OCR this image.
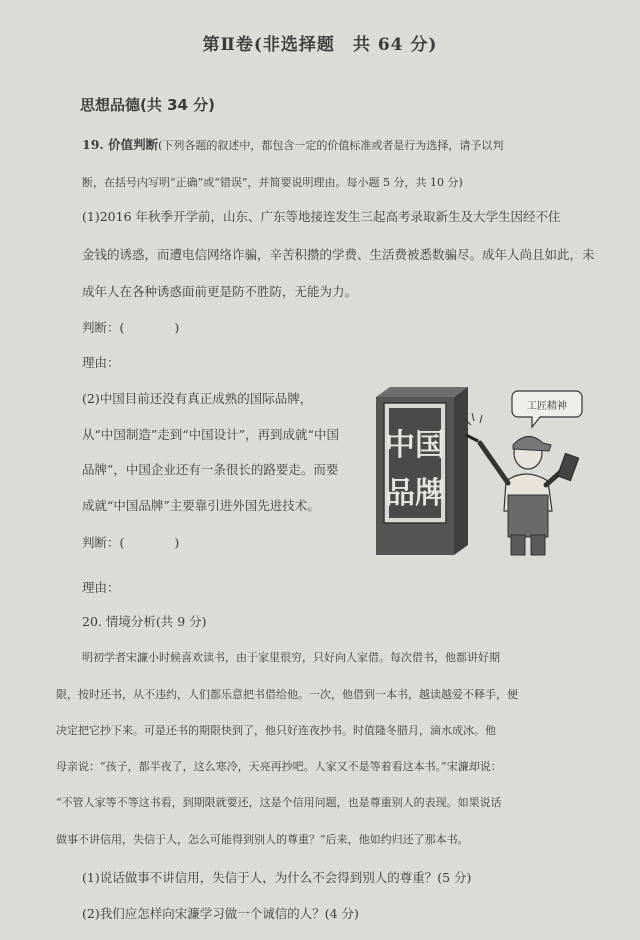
第Ⅱ卷(非选择题　共 64 分)
思想品德(共 34 分)
19. 价值判断(下列各题的叙述中，都包含一定的价值标准或者是行为选择，请予以判
断，在括号内写明“正确”或“错误”，并简要说明理由。每小题 5 分，共 10 分)
(1)2016 年秋季开学前，山东、广东等地接连发生三起高考录取新生及大学生因经不住
金钱的诱惑，而遭电信网络诈骗，辛苦积攒的学费、生活费被悉数骗尽。成年人尚且如此，未
成年人在各种诱惑面前更是防不胜防，无能为力。
判断：(　　　　)
理由：
(2)中国目前还没有真正成熟的国际品牌，
从“中国制造”走到“中国设计”，再到成就“中国
品牌”，中国企业还有一条很长的路要走。而要
成就“中国品牌”主要靠引进外国先进技术。
判断：(　　　　)
理由：
中国
品牌
工匠精神
20. 情境分析(共 9 分)
明初学者宋濂小时候喜欢读书，由于家里很穷，只好向人家借。每次借书，他都讲好期
限，按时还书，从不违约，人们都乐意把书借给他。一次，他借到一本书，越读越爱不释手，便
决定把它抄下来。可是还书的期限快到了，他只好连夜抄书。时值隆冬腊月，滴水成冰。他
母亲说：“孩子，都半夜了，这么寒冷，天亮再抄吧。人家又不是等着看这本书。”宋濂却说：
“不管人家等不等这书看，到期限就要还，这是个信用问题，也是尊重别人的表现。如果说话
做事不讲信用，失信于人，怎么可能得到别人的尊重？”后来，他如约归还了那本书。
(1)说话做事不讲信用，失信于人，为什么不会得到别人的尊重？(5 分)
(2)我们应怎样向宋濂学习做一个诚信的人？(4 分)
